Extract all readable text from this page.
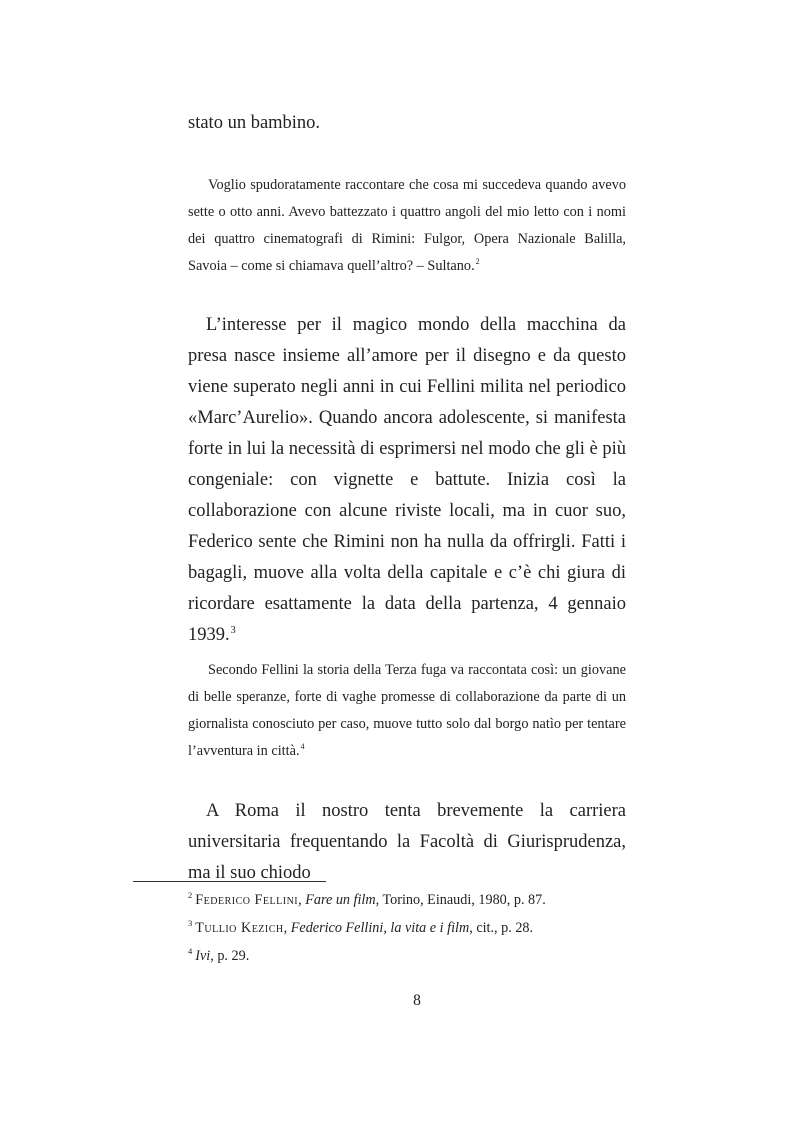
stato un bambino.

Voglio spudoratamente raccontare che cosa mi succedeva quando avevo sette o otto anni. Avevo battezzato i quattro angoli del mio letto con i nomi dei quattro cinematografi di Rimini: Fulgor, Opera Nazionale Balilla, Savoia – come si chiamava quell’altro? – Sultano.$^2$

L’interesse per il magico mondo della macchina da presa nasce insieme all’amore per il disegno e da questo viene superato negli anni in cui Fellini milita nel periodico «Marc’Aurelio». Quando ancora adolescente, si manifesta forte in lui la necessità di esprimersi nel modo che gli è più congeniale: con vignette e battute. Inizia così la collaborazione con alcune riviste locali, ma in cuor suo, Federico sente che Rimini non ha nulla da offrirgli. Fatti i bagagli, muove alla volta della capitale e c’è chi giura di ricordare esattamente la data della partenza, 4 gennaio 1939.$^3$

Secondo Fellini la storia della Terza fuga va raccontata così: un giovane di belle speranze, forte di vaghe promesse di collaborazione da parte di un giornalista conosciuto per caso, muove tutto solo dal borgo natìo per tentare l’avventura in città.$^4$

A Roma il nostro tenta brevemente la carriera universitaria frequentando la Facoltà di Giurisprudenza, ma il suo chiodo

$^2$ Federico Fellini, Fare un film, Torino, Einaudi, 1980, p. 87.

$^3$ Tullio Kezich, Federico Fellini, la vita e i film, cit., p. 28.

$^4$ Ivi, p. 29.

8
